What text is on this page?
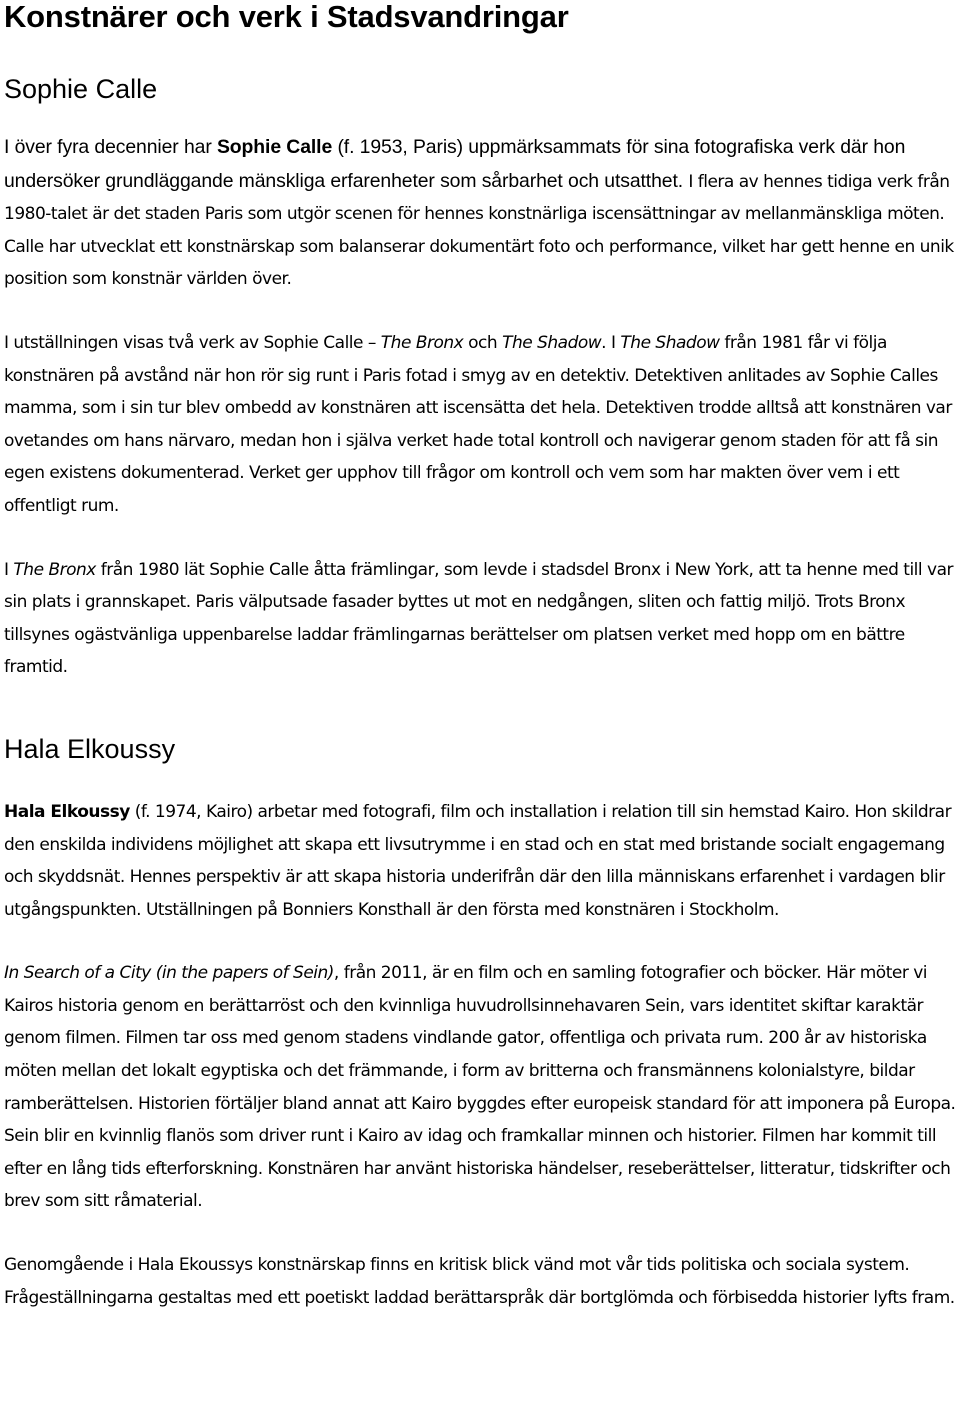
Konstnärer och verk i Stadsvandringar
Sophie Calle

I över fyra decennier har Sophie Calle (f. 1953, Paris) uppmärksammats för sina fotografiska verk där hon undersöker grundläggande mänskliga erfarenheter som sårbarhet och utsatthet. I flera av hennes tidiga verk från 1980-talet är det staden Paris som utgör scenen för hennes konstnärliga iscensättningar av mellanmänskliga möten. Calle har utvecklat ett konstnärskap som balanserar dokumentärt foto och performance, vilket har gett henne en unik position som konstnär världen över.

I utställningen visas två verk av Sophie Calle – The Bronx och The Shadow. I The Shadow från 1981 får vi följa konstnären på avstånd när hon rör sig runt i Paris fotad i smyg av en detektiv. Detektiven anlitades av Sophie Calles mamma, som i sin tur blev ombedd av konstnären att iscensätta det hela. Detektiven trodde alltså att konstnären var ovetandes om hans närvaro, medan hon i själva verket hade total kontroll och navigerar genom staden för att få sin egen existens dokumenterad. Verket ger upphov till frågor om kontroll och vem som har makten över vem i ett offentligt rum.

I The Bronx från 1980 lät Sophie Calle åtta främlingar, som levde i stadsdel Bronx i New York, att ta henne med till var sin plats i grannskapet. Paris välputsade fasader byttes ut mot en nedgången, sliten och fattig miljö. Trots Bronx tillsynes ogästvänliga uppenbarelse laddar främlingarnas berättelser om platsen verket med hopp om en bättre framtid.

Hala Elkoussy

Hala Elkoussy (f. 1974, Kairo) arbetar med fotografi, film och installation i relation till sin hemstad Kairo. Hon skildrar den enskilda individens möjlighet att skapa ett livsutrymme i en stad och en stat med bristande socialt engagemang och skyddsnät. Hennes perspektiv är att skapa historia underifrån där den lilla människans erfarenhet i vardagen blir utgångspunkten. Utställningen på Bonniers Konsthall är den första med konstnären i Stockholm.

In Search of a City (in the papers of Sein), från 2011, är en film och en samling fotografier och böcker. Här möter vi Kairos historia genom en berättarröst och den kvinnliga huvudrollsinnehavaren Sein, vars identitet skiftar karaktär genom filmen. Filmen tar oss med genom stadens vindlande gator, offentliga och privata rum. 200 år av historiska möten mellan det lokalt egyptiska och det främmande, i form av britterna och fransmännens kolonialstyre, bildar ramberättelsen. Historien förtäljer bland annat att Kairo byggdes efter europeisk standard för att imponera på Europa. Sein blir en kvinnlig flanös som driver runt i Kairo av idag och framkallar minnen och historier. Filmen har kommit till efter en lång tids efterforskning. Konstnären har använt historiska händelser, reseberättelser, litteratur, tidskrifter och brev som sitt råmaterial.

Genomgående i Hala Ekoussys konstnärskap finns en kritisk blick vänd mot vår tids politiska och sociala system. Frågeställningarna gestaltas med ett poetiskt laddad berättarspråk där bortglömda och förbisedda historier lyfts fram.
